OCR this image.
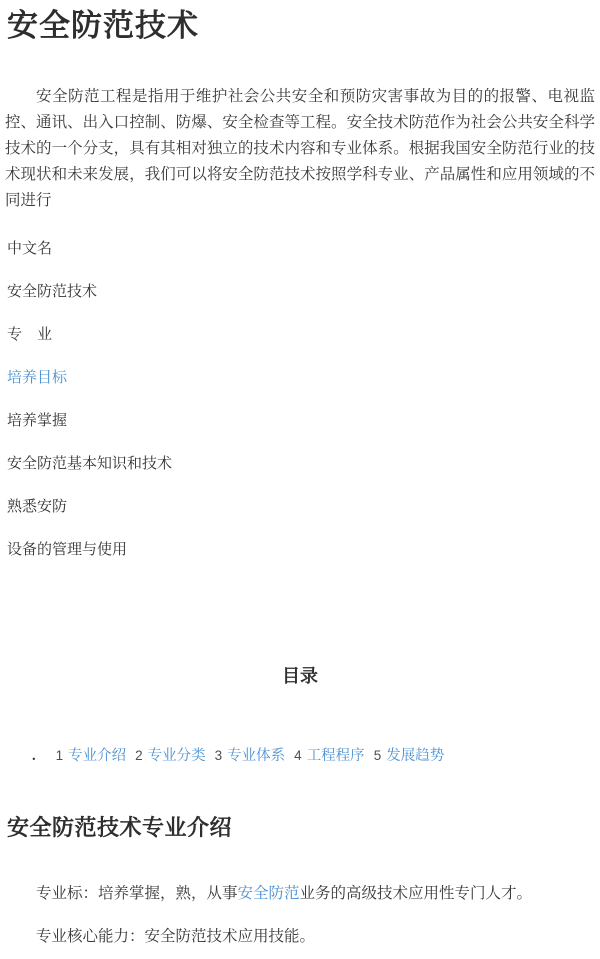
安全防范技术

安全防范工程是指用于维护社会公共安全和预防灾害事故为目的的报警、电视监控、通讯、出入口控制、防爆、安全检查等工程。安全技术防范作为社会公共安全科学技术的一个分支，具有其相对独立的技术内容和专业体系。根据我国安全防范行业的技术现状和未来发展，我们可以将安全防范技术按照学科专业、产品属性和应用领域的不同进行

中文名
安全防范技术
专　业
培养目标
培养掌握
安全防范基本知识和技术
熟悉安防
设备的管理与使用
目录
. 1 专业介绍 2 专业分类 3 专业体系 4 工程程序 5 发展趋势
安全防范技术专业介绍

专业标：培养掌握，熟，从事安全防范业务的高级技术应用性专门人才。

专业核心能力：安全防范技术应用技能。
